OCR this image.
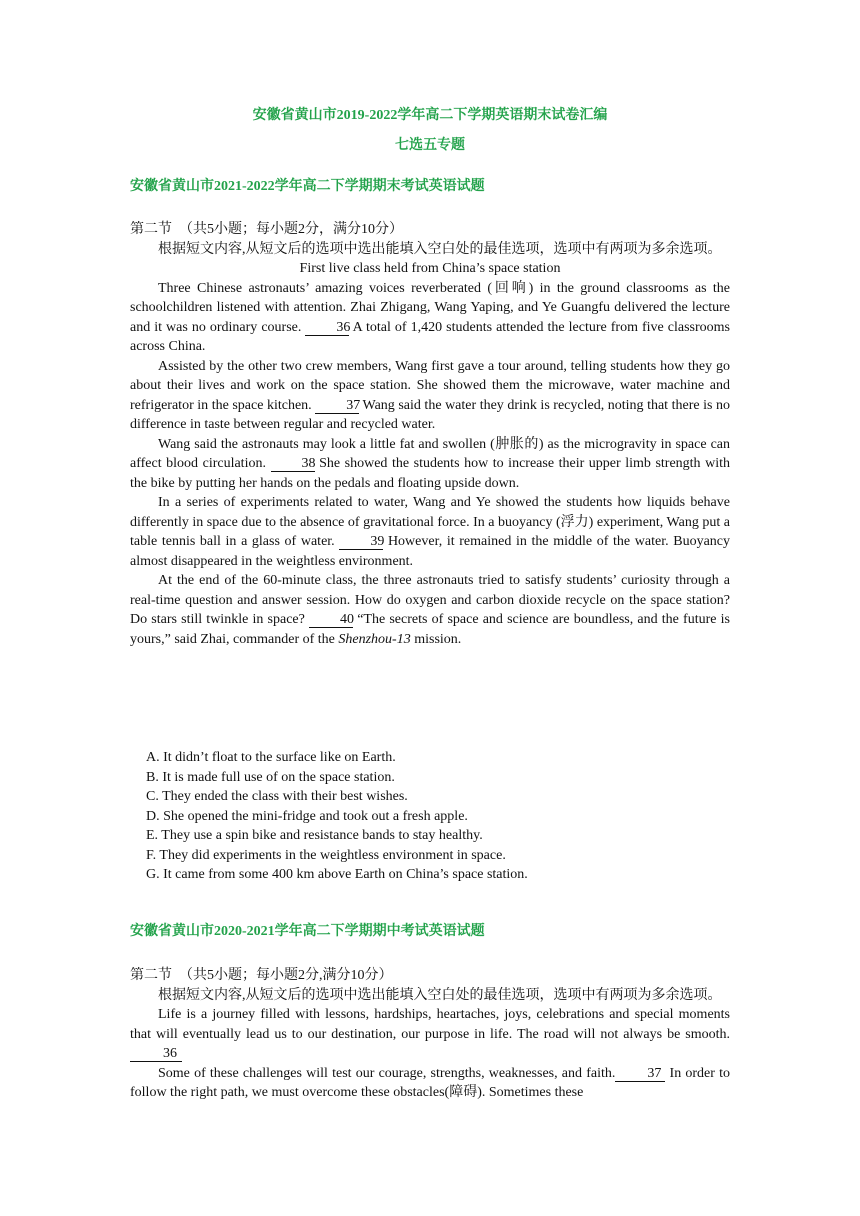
安徽省黄山市2019-2022学年高二下学期英语期末试卷汇编
七选五专题
安徽省黄山市2021-2022学年高二下学期期末考试英语试题

第二节　（共5小题；每小题2分，满分10分）

根据短文内容,从短文后的选项中选出能填入空白处的最佳选项，选项中有两项为多余选项。

First live class held from China’s space station

Three Chinese astronauts’ amazing voices reverberated (回响) in the ground classrooms as the schoolchildren listened with attention. Zhai Zhigang, Wang Yaping, and Ye Guangfu delivered the lecture and it was no ordinary course. 36 A total of 1,420 students attended the lecture from five classrooms across China.

Assisted by the other two crew members, Wang first gave a tour around, telling students how they go about their lives and work on the space station. She showed them the microwave, water machine and refrigerator in the space kitchen. 37 Wang said the water they drink is recycled, noting that there is no difference in taste between regular and recycled water.

Wang said the astronauts may look a little fat and swollen (肿胀的) as the microgravity in space can affect blood circulation. 38 She showed the students how to increase their upper limb strength with the bike by putting her hands on the pedals and floating upside down.

In a series of experiments related to water, Wang and Ye showed the students how liquids behave differently in space due to the absence of gravitational force. In a buoyancy (浮力) experiment, Wang put a table tennis ball in a glass of water. 39 However, it remained in the middle of the water. Buoyancy almost disappeared in the weightless environment.

At the end of the 60-minute class, the three astronauts tried to satisfy students’ curiosity through a real-time question and answer session. How do oxygen and carbon dioxide recycle on the space station? Do stars still twinkle in space? 40 “The secrets of space and science are boundless, and the future is yours,” said Zhai, commander of the Shenzhou-13 mission.

A. It didn’t float to the surface like on Earth.
B. It is made full use of on the space station.
C. They ended the class with their best wishes.
D. She opened the mini-fridge and took out a fresh apple.
E. They use a spin bike and resistance bands to stay healthy.
F. They did experiments in the weightless environment in space.
G. It came from some 400 km above Earth on China’s space station.
安徽省黄山市2020-2021学年高二下学期期中考试英语试题

第二节　（共5小题；每小题2分,满分10分）

根据短文内容,从短文后的选项中选出能填入空白处的最佳选项，选项中有两项为多余选项。

Life is a journey filled with lessons, hardships, heartaches, joys, celebrations and special moments that will eventually lead us to our destination, our purpose in life. The road will not always be smooth.36

Some of these challenges will test our courage, strengths, weaknesses, and faith. 37 In order to follow the right path, we must overcome these obstacles(障碍). Sometimes these
